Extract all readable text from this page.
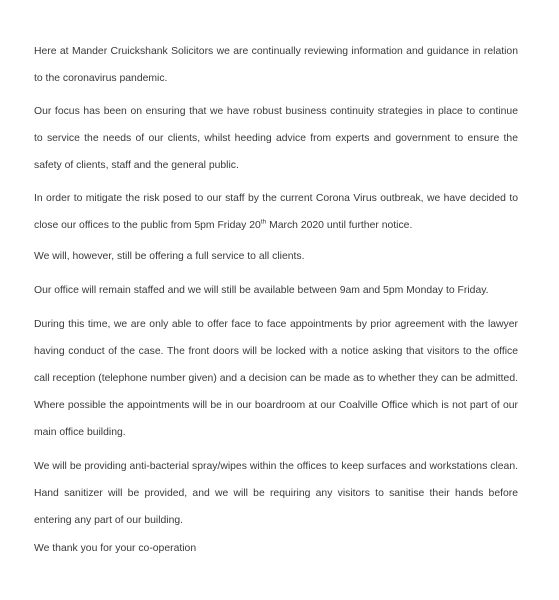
Here at Mander Cruickshank Solicitors we are continually reviewing information and guidance in relation to the coronavirus pandemic.

Our focus has been on ensuring that we have robust business continuity strategies in place to continue to service the needs of our clients, whilst heeding advice from experts and government to ensure the safety of clients, staff and the general public.

In order to mitigate the risk posed to our staff by the current Corona Virus outbreak, we have decided to close our offices to the public from 5pm Friday 20th March 2020 until further notice.

We will, however, still be offering a full service to all clients.

Our office will remain staffed and we will still be available between 9am and 5pm Monday to Friday.

During this time, we are only able to offer face to face appointments by prior agreement with the lawyer having conduct of the case. The front doors will be locked with a notice asking that visitors to the office call reception (telephone number given) and a decision can be made as to whether they can be admitted. Where possible the appointments will be in our boardroom at our Coalville Office which is not part of our main office building.

We will be providing anti-bacterial spray/wipes within the offices to keep surfaces and workstations clean. Hand sanitizer will be provided, and we will be requiring any visitors to sanitise their hands before entering any part of our building.

We thank you for your co-operation
